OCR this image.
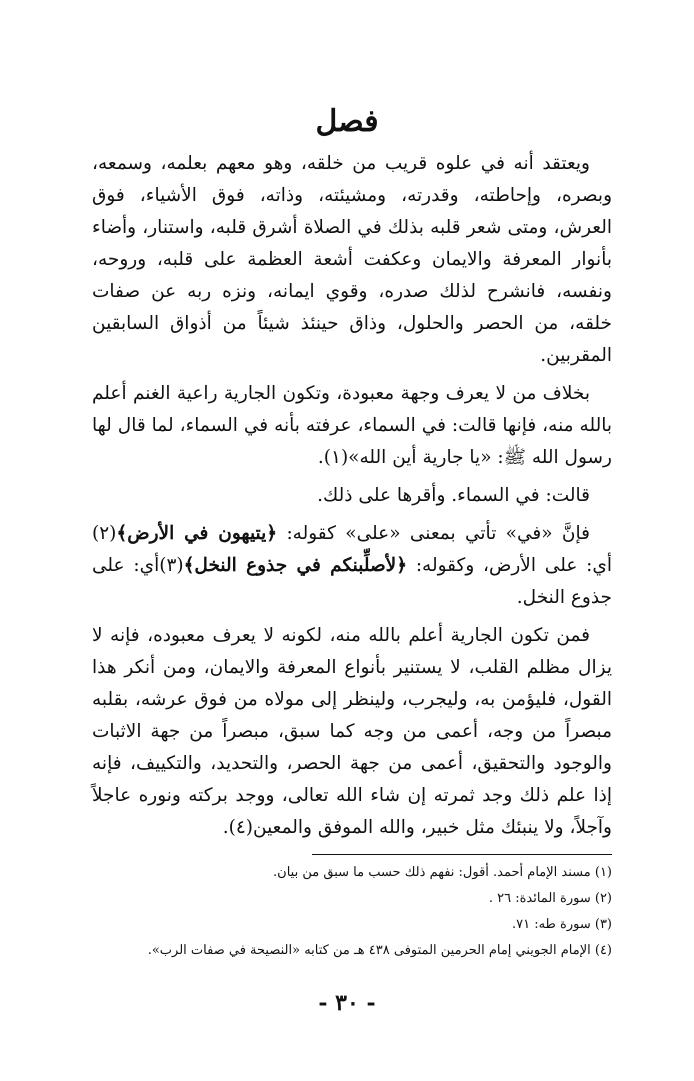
فصل

ويعتقد أنه في علوه قريب من خلقه، وهو معهم بعلمه، وسمعه، وبصره، وإحاطته، وقدرته، ومشيئته، وذاته، فوق الأشياء، فوق العرش، ومتى شعر قلبه بذلك في الصلاة أشرق قلبه، واستنار، وأضاء بأنوار المعرفة والايمان وعكفت أشعة العظمة على قلبه، وروحه، ونفسه، فانشرح لذلك صدره، وقوي ايمانه، ونزه ربه عن صفات خلقه، من الحصر والحلول، وذاق حينئذ شيئاً من أذواق السابقين المقربين.

بخلاف من لا يعرف وجهة معبودة، وتكون الجارية راعية الغنم أعلم بالله منه، فإنها قالت: في السماء، عرفته بأنه في السماء، لما قال لها رسول الله ﷺ: «يا جارية أين الله»(١).

قالت: في السماء. وأقرها على ذلك.

فإنَّ «في» تأتي بمعنى «على» كقوله: ﴿يتيهون في الأرض﴾(٢) أي: على الأرض، وكقوله: ﴿لأصلِّبنكم في جذوع النخل﴾(٣)أي: على جذوع النخل.

فمن تكون الجارية أعلم بالله منه، لكونه لا يعرف معبوده، فإنه لا يزال مظلم القلب، لا يستنير بأنواع المعرفة والايمان، ومن أنكر هذا القول، فليؤمن به، وليجرب، ولينظر إلى مولاه من فوق عرشه، بقلبه مبصراً من وجه، أعمى من وجه كما سبق، مبصراً من جهة الاثبات والوجود والتحقيق، أعمى من جهة الحصر، والتحديد، والتكييف، فإنه إذا علم ذلك وجد ثمرته إن شاء الله تعالى، ووجد بركته ونوره عاجلاً وآجلاً، ولا ينبئك مثل خبير، والله الموفق والمعين(٤).

(١) مسند الإمام أحمد. أقول: نفهم ذلك حسب ما سبق من بيان.

(٢) سورة المائدة: ٢٦ .

(٣) سورة طه: ٧١.

(٤) الإمام الجويني إمام الحرمين المتوفى ٤٣٨ هـ من كتابه «النصيحة في صفات الرب».

- ٣٠ -
